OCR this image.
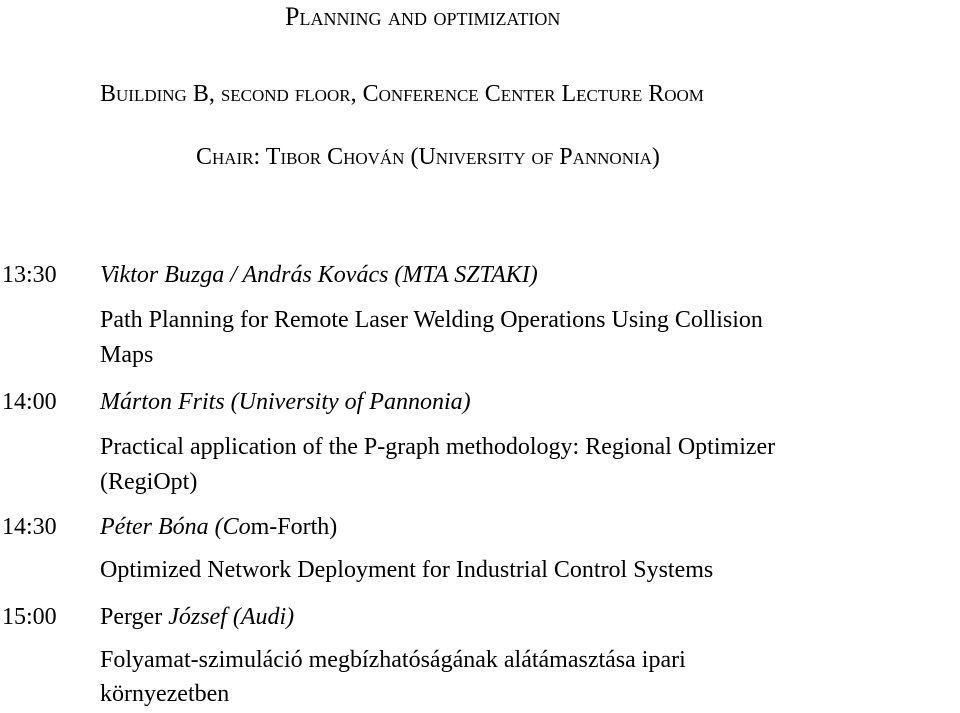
Planning and optimization
Building B, second floor, Conference Center Lecture Room
Chair: Tibor Chován (University of Pannonia)
13:30 Viktor Buzga / András Kovács (MTA SZTAKI)
Path Planning for Remote Laser Welding Operations Using Collision
Maps
14:00 Márton Frits (University of Pannonia)
Practical application of the P-graph methodology: Regional Optimizer
(RegiOpt)
14:30 Péter Bóna (Com-Forth)
Optimized Network Deployment for Industrial Control Systems
15:00 Perger József (Audi)
Folyamat-szimuláció megbízhatóságának alátámasztása ipari
környezetben
